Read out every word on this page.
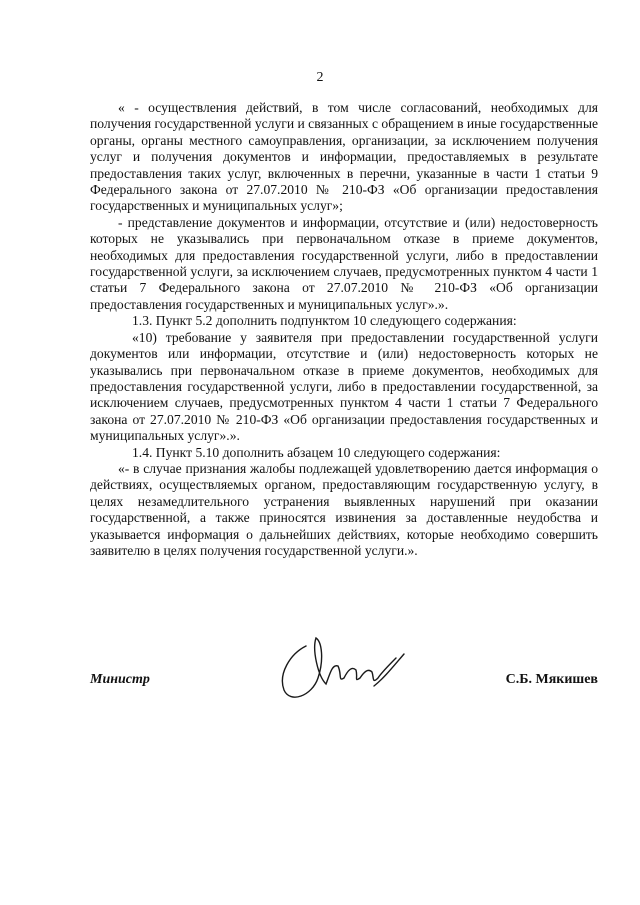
2

« - осуществления действий, в том числе согласований, необходимых для получения государственной услуги и связанных с обращением в иные государственные органы, органы местного самоуправления, организации, за исключением получения услуг и получения документов и информации, предоставляемых в результате предоставления таких услуг, включенных в перечни, указанные в части 1 статьи 9 Федерального закона от 27.07.2010 № 210-ФЗ «Об организации предоставления государственных и муниципальных услуг»;

- представление документов и информации, отсутствие и (или) недостоверность которых не указывались при первоначальном отказе в приеме документов, необходимых для предоставления государственной услуги, либо в предоставлении государственной услуги, за исключением случаев, предусмотренных пунктом 4 части 1 статьи 7 Федерального закона от 27.07.2010 № 210-ФЗ «Об организации предоставления государственных и муниципальных услуг».».

1.3. Пункт 5.2 дополнить подпунктом 10 следующего содержания:

«10) требование у заявителя при предоставлении государственной услуги документов или информации, отсутствие и (или) недостоверность которых не указывались при первоначальном отказе в приеме документов, необходимых для предоставления государственной услуги, либо в предоставлении государственной, за исключением случаев, предусмотренных пунктом 4 части 1 статьи 7 Федерального закона от 27.07.2010 № 210-ФЗ «Об организации предоставления государственных и муниципальных услуг».».

1.4. Пункт 5.10 дополнить абзацем 10 следующего содержания:

«- в случае признания жалобы подлежащей удовлетворению дается информация о действиях, осуществляемых органом, предоставляющим государственную услугу, в целях незамедлительного устранения выявленных нарушений при оказании государственной, а также приносятся извинения за доставленные неудобства и указывается информация о дальнейших действиях, которые необходимо совершить заявителю в целях получения государственной услуги.».

Министр	С.Б. Мякишев
